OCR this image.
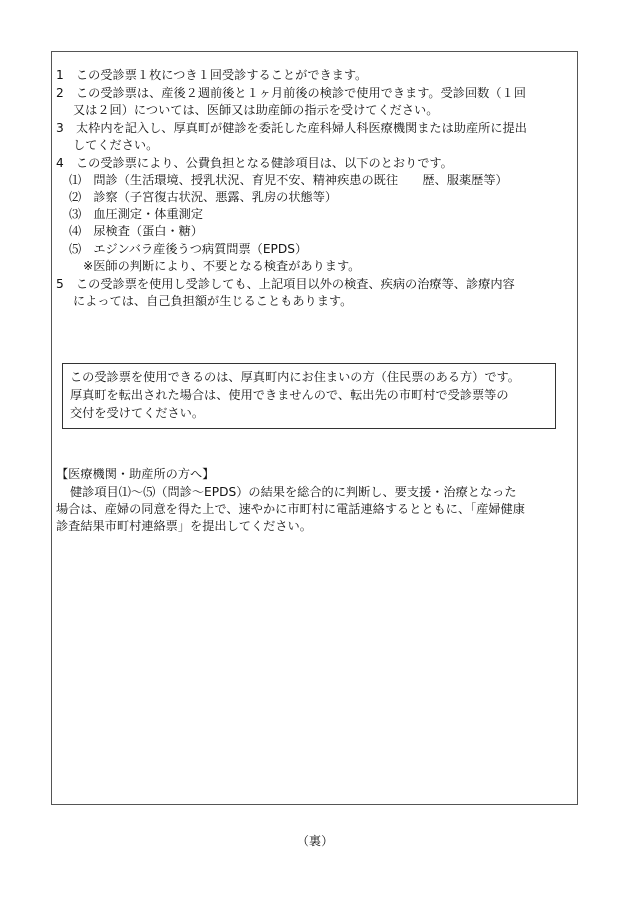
1　この受診票１枚につき１回受診することができます。
2　この受診票は、産後２週前後と１ヶ月前後の検診で使用できます。受診回数（１回
又は２回）については、医師又は助産師の指示を受けてください。
3　太枠内を記入し、厚真町が健診を委託した産科婦人科医療機関または助産所に提出
してください。
4　この受診票により、公費負担となる健診項目は、以下のとおりです。
⑴　問診（生活環境、授乳状況、育児不安、精神疾患の既往　　歴、服薬歴等）
⑵　診察（子宮復古状況、悪露、乳房の状態等）
⑶　血圧測定・体重測定
⑷　尿検査（蛋白・糖）
⑸　エジンバラ産後うつ病質問票（EPDS）
※医師の判断により、不要となる検査があります。
5　この受診票を使用し受診しても、上記項目以外の検査、疾病の治療等、診療内容
によっては、自己負担額が生じることもあります。
この受診票を使用できるのは、厚真町内にお住まいの方（住民票のある方）です。
厚真町を転出された場合は、使用できませんので、転出先の市町村で受診票等の
交付を受けてください。
【医療機関・助産所の方へ】
健診項目⑴～⑸（問診～EPDS）の結果を総合的に判断し、要支援・治療となった
場合は、産婦の同意を得た上で、速やかに市町村に電話連絡するとともに、「産婦健康
診査結果市町村連絡票」を提出してください。
（裏）
